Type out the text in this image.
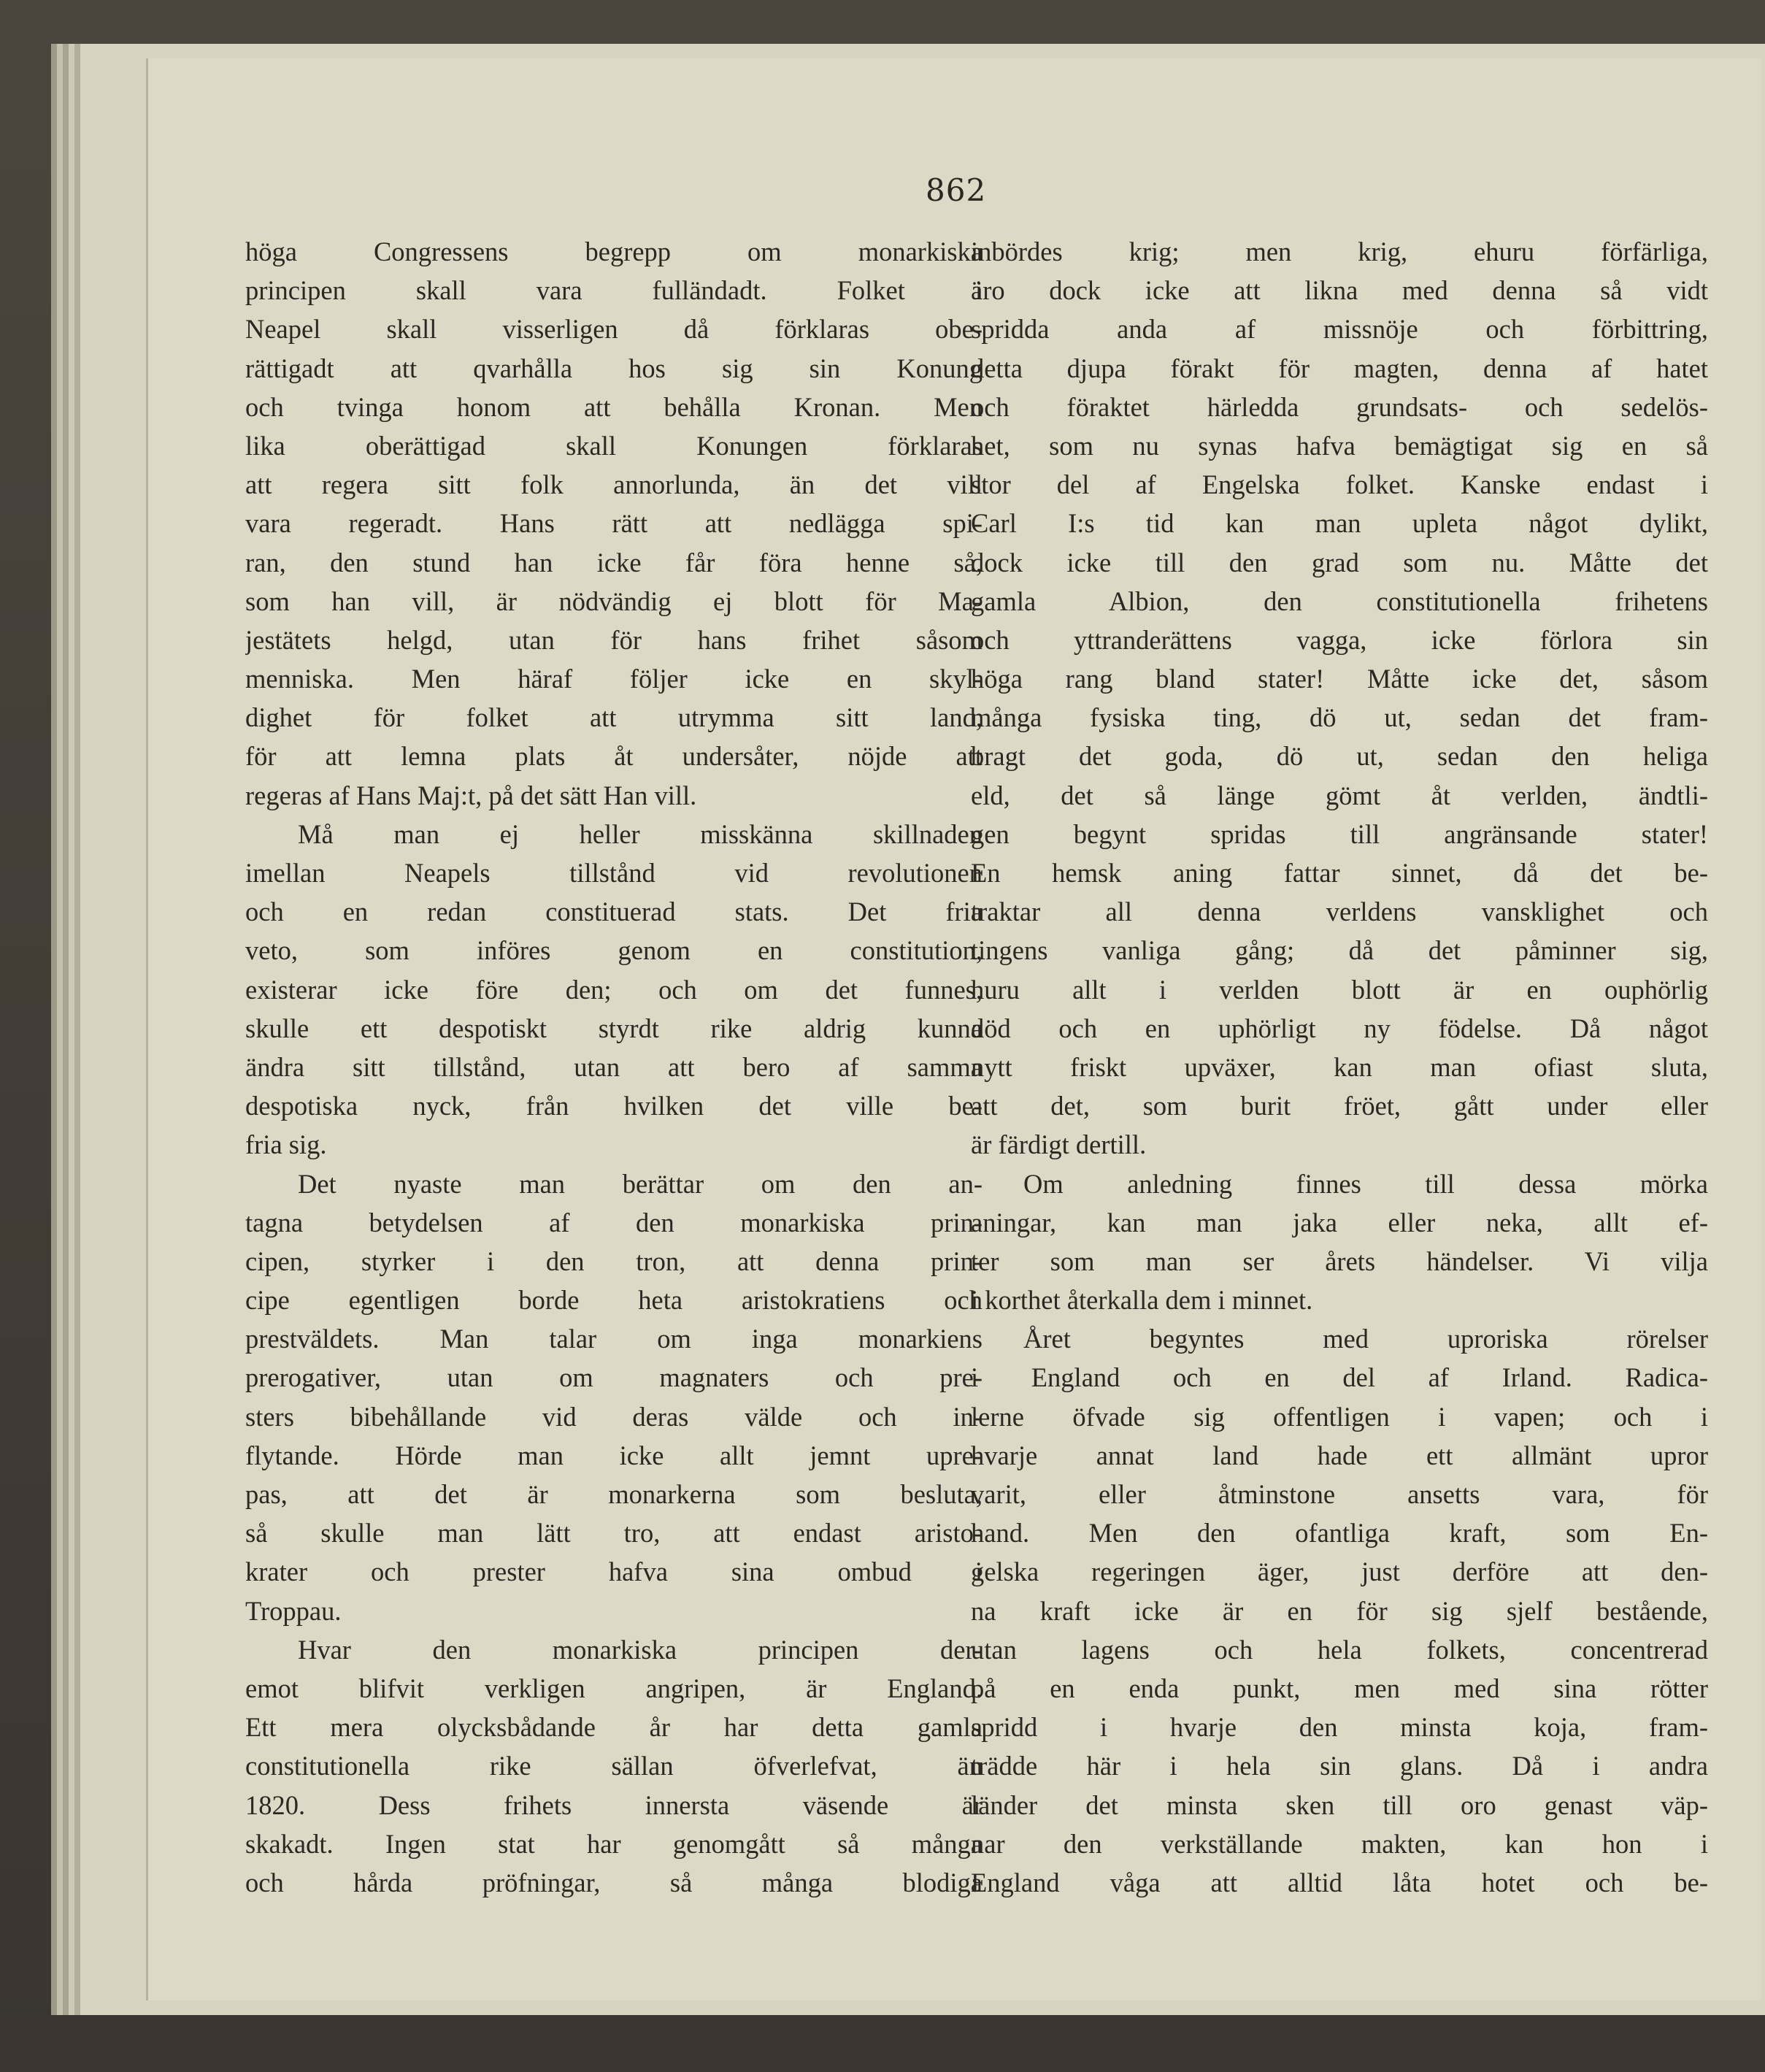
862
höga Congressens begrepp om monarkiska
principen skall vara fulländadt. Folket i
Neapel skall visserligen då förklaras obe-
rättigadt att qvarhålla hos sig sin Konung
och tvinga honom att behålla Kronan. Men
lika oberättigad skall Konungen förklaras
att regera sitt folk annorlunda, än det vill
vara regeradt. Hans rätt att nedlägga spi-
ran, den stund han icke får föra henne så,
som han vill, är nödvändig ej blott för Ma-
jestätets helgd, utan för hans frihet såsom
menniska. Men häraf följer icke en skyl-
dighet för folket att utrymma sitt land,
för att lemna plats åt undersåter, nöjde att
regeras af Hans Maj:t, på det sätt Han vill.
Må man ej heller misskänna skillnaden
imellan Neapels tillstånd vid revolutionen
och en redan constituerad stats. Det fria
veto, som införes genom en constitution,
existerar icke före den; och om det funnes,
skulle ett despotiskt styrdt rike aldrig kunna
ändra sitt tillstånd, utan att bero af samma
despotiska nyck, från hvilken det ville be-
fria sig.
Det nyaste man berättar om den an-
tagna betydelsen af den monarkiska prin-
cipen, styrker i den tron, att denna prin-
cipe egentligen borde heta aristokratiens och
prestväldets. Man talar om inga monarkiens
prerogativer, utan om magnaters och pre-
sters bibehållande vid deras välde och in-
flytande. Hörde man icke allt jemnt upre-
pas, att det är monarkerna som besluta,
så skulle man lätt tro, att endast aristo-
krater och prester hafva sina ombud i
Troppau.
Hvar den monarkiska principen der-
emot blifvit verkligen angripen, är England.
Ett mera olycksbådande år har detta gamla
constitutionella rike sällan öfverlefvat, än
1820. Dess frihets innersta väsende är
skakadt. Ingen stat har genomgått så många
och hårda pröfningar, så många blodiga
inbördes krig; men krig, ehuru förfärliga,
äro dock icke att likna med denna så vidt
spridda anda af missnöje och förbittring,
detta djupa förakt för magten, denna af hatet
och föraktet härledda grundsats- och sedelös-
het, som nu synas hafva bemägtigat sig en så
stor del af Engelska folket. Kanske endast i
Carl I:s tid kan man upleta något dylikt,
dock icke till den grad som nu. Måtte det
gamla Albion, den constitutionella frihetens
och yttranderättens vagga, icke förlora sin
höga rang bland stater! Måtte icke det, såsom
många fysiska ting, dö ut, sedan det fram-
bragt det goda, dö ut, sedan den heliga
eld, det så länge gömt åt verlden, ändtli-
gen begynt spridas till angränsande stater!
En hemsk aning fattar sinnet, då det be-
traktar all denna verldens vansklighet och
tingens vanliga gång; då det påminner sig,
huru allt i verlden blott är en ouphörlig
död och en uphörligt ny födelse. Då något
nytt friskt upväxer, kan man ofiast sluta,
att det, som burit fröet, gått under eller
är färdigt dertill.
Om anledning finnes till dessa mörka
aningar, kan man jaka eller neka, allt ef-
ter som man ser årets händelser. Vi vilja
i korthet återkalla dem i minnet.
Året begyntes med uproriska rörelser
i England och en del af Irland. Radica-
lerne öfvade sig offentligen i vapen; och i
hvarje annat land hade ett allmänt upror
varit, eller åtminstone ansetts vara, för
hand. Men den ofantliga kraft, som En-
gelska regeringen äger, just derföre att den-
na kraft icke är en för sig sjelf bestående,
utan lagens och hela folkets, concentrerad
på en enda punkt, men med sina rötter
spridd i hvarje den minsta koja, fram-
trädde här i hela sin glans. Då i andra
länder det minsta sken till oro genast väp-
nar den verkställande makten, kan hon i
England våga att alltid låta hotet och be-
